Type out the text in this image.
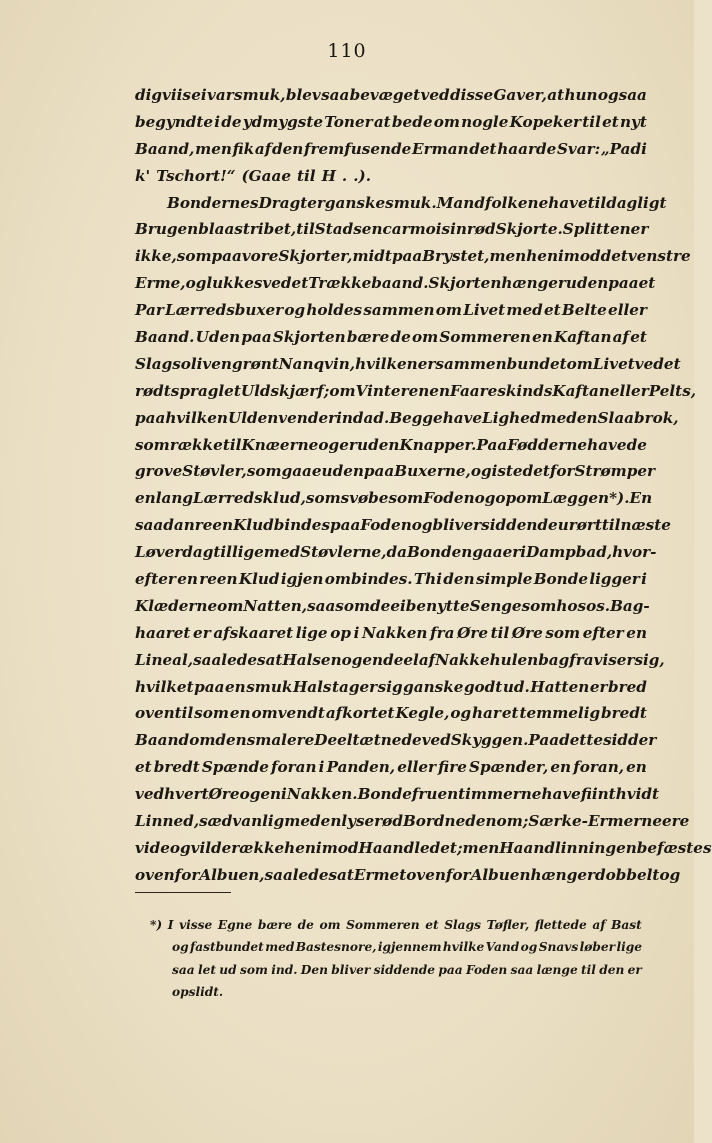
110
digviis ei var smuk, blev saa bevæget ved disse Gaver, at hun ogsaa
begyndte i de ydmygste Toner at bede om nogle Kopeker til et nyt
Baand, men fik af den fremfusende Erman det haarde Svar: „Padi
k' Tschort!“ (Gaae til H . .).
Bondernes Dragt er ganske smuk. Mandfolkene have til dagligt
Brug en blaastribet, til Stads en carmoisinrød Skjorte. Splitten er
ikke, som paa vore Skjorter, midt paa Brystet, men henimod det venstre
Erme, og lukkes ved et Trækkebaand. Skjorten hænger udenpaa et
Par Lærredsbuxer og holdes sammen om Livet med et Belte eller
Baand. Uden paa Skjorten bære de om Sommeren en Kaftan af et
Slags olivengrønt Nanqvin, hvilken er sammenbundet om Livet ved et
rødt spraglet Uldskjærf; om Vinteren en Faareskinds Kaftan eller Pelts,
paa hvilken Ulden vender indad. Begge have Lighed med en Slaabrok,
som række til Knæerne og er uden Knapper. Paa Fødderne have de
grove Støvler, som gaae uden paa Buxerne, og istedetfor Strømper
en lang Lærredsklud, som svøbes om Foden og op om Læggen *). En
saadan reen Klud bindes paa Foden og bliver siddende urørt til næste
Løverdag tilligemed Støvlerne, da Bonden gaaer i Dampbad, hvor-
efter en reen Klud igjen ombindes. Thi den simple Bonde ligger i
Klæderne om Natten, saasom de ei benytte Senge som hos os. Bag-
haaret er afskaaret lige op i Nakken fra Øre til Øre som efter en
Lineal, saaledes at Halsen og endeel af Nakkehulen bagfra viser sig,
hvilket paa en smuk Hals tager sig ganske godt ud. Hatten er bred
oventil som en omvendt afkortet Kegle, og har et temmelig bredt
Baand om den smalere Deel tæt nede ved Skyggen. Paa dette sidder
et bredt Spænde foran i Panden, eller fire Spænder, en foran, en
ved hvert Øre og en i Nakken. Bondefruentimmerne have fiint hvidt
Linned, sædvanlig med en lyserød Bord nedenom; Særke-Ermerne ere
vide og vilde række henimod Haandledet; men Haandlinningen befæstes
ovenfor Albuen, saaledes at Ermet ovenfor Albuen hænger dobbelt og
*) I visse Egne bære de om Sommeren et Slags Tøfler, flettede af Bast
og fastbundet med Bastesnore, igjennem hvilke Vand og Snavs løber lige
saa let ud som ind. Den bliver siddende paa Foden saa længe til den er
opslidt.
